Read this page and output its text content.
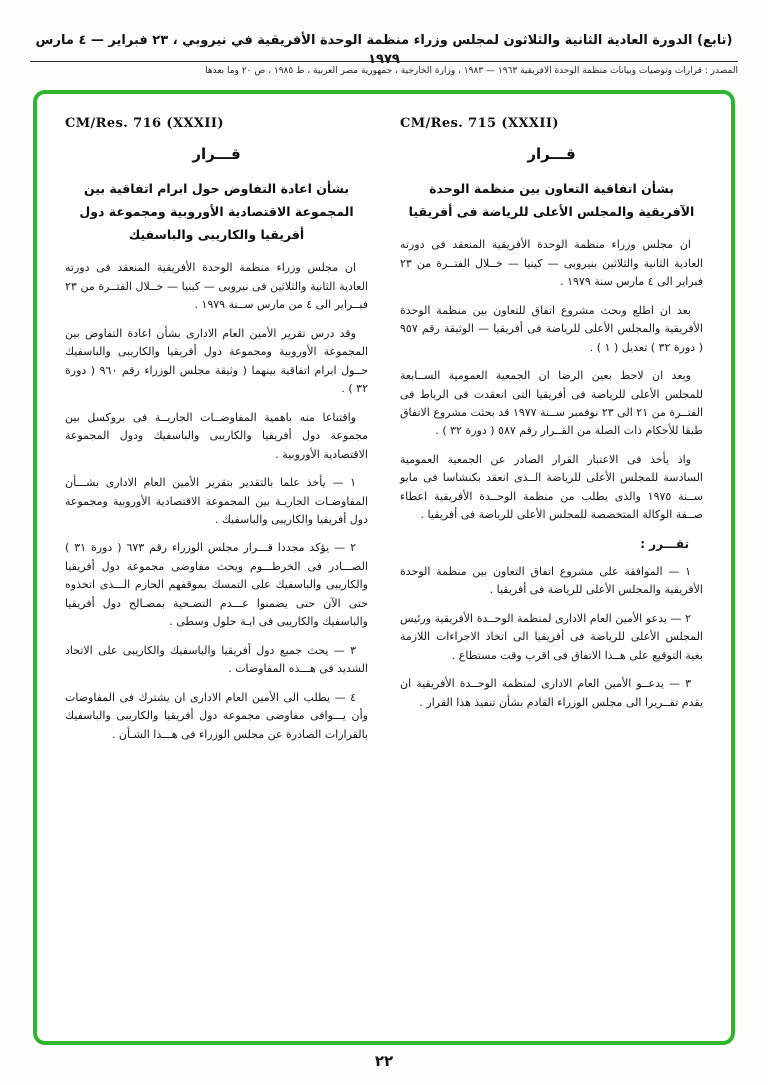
(تابع) الدورة العادية الثانية والثلاثون لمجلس وزراء منظمة الوحدة الأفريقية في نيروبي ، ٢٣ فبراير — ٤ مارس ١٩٧٩
المصدر : قرارات وتوصيات وبيانات منظمة الوحدة الأفريقية ١٩٦٣ — ١٩٨٣ ، وزارة الخارجية ، جمهورية مصر العربية ، ط ١٩٨٥ ، ص ٢٠ وما بعدها
CM/Res. 715 (XXXII)
قـــرار
بشأن اتفاقية التعاون بين منظمة الوحدة الآفريقية والمجلس الأعلى للرياضة فى أفريقيا

ان مجلس وزراء منظمة الوحدة الأفريقية المنعقد فى دورته العادية الثانية والثلاثين بنيروبى — كينيا — خــلال الفتــرة من ٢٣ فبراير الى ٤ مارس سنة ١٩٧٩ .

بعد ان اطلع وبحث مشروع اتفاق للتعاون بين منظمة الوحدة الأفريقية والمجلس الأعلى للرياضة فى أفريقيا — الوثيقة رقم ٩٥٧ ( دورة ٣٢ ) تعديل ( ١ ) .

وبعد ان لاحظ بعين الرضا ان الجمعية العمومية الســابعة للمجلس الأعلى للرياضة فى أفريقيا التى انعقدت فى الرباط فى الفتــرة من ٢١ الى ٢٣ نوفمبر ســنة ١٩٧٧ قد بحثت مشروع الاتفاق طبقا للأحكام ذات الصلة من القــرار رقم ٥٨٧ ( دورة ٣٢ ) .

واذ يأخذ فى الاعتبار القرار الصادر عن الجمعية العمومية السادسة للمجلس الأعلى للرياضة الــذى انعقد بكنشاسا فى مايو ســنة ١٩٧٥ والذى يطلب من منظمة الوحــدة الأفريقية اعطاء صــفة الوكالة المتخصصة للمجلس الأعلى للرياضة فى أفريقيا .

تقـــرر :

١ — الموافقة على مشروع اتفاق التعاون بين منظمة الوحدة الأفريقية والمجلس الأعلى للرياضة فى أفريقيا .

٢ — يدعو الأمين العام الادارى لمنظمة الوحــدة الأفريقية ورئيس المجلس الأعلى للرياضة فى أفريقيا الى اتخاذ الاجراءات اللازمة بغية التوقيع على هــذا الاتفاق فى اقرب وقت مستطاع .

٣ — يدعــو الأمين العام الادارى لمنظمة الوحــدة الأفريقية ان يقدم تقــريرا الى مجلس الوزراء القادم بشأن تنفيذ هذا القرار .

CM/Res. 716 (XXXII)
قـــرار
بشأن اعادة التفاوض حول ابرام اتفاقية بين المجموعة الاقتصادية الأوروبية ومجموعة دول أفريقيا والكاريبى والباسفيك

ان مجلس وزراء منظمة الوحدة الأفريقية المنعقد فى دورته العادية الثانية والثلاثين فى نيروبى — كينيا — خــلال الفتــرة من ٢٣ فبــراير الى ٤ من مارس ســنة ١٩٧٩ .

وقد درس تقرير الأمين العام الادارى بشأن اعادة التفاوض بين المجموعة الأوروبية ومجموعة دول أفريقيا والكاريبى والباسفيك حــول ابرام اتفاقية بينهما ( وثيقة مجلس الوزراء رقم ٩٦٠ ( دورة ٣٢ ) .

واقتناعا منه باهمية المفاوضــات الجاريــة فى بروكسل بين مجموعة دول أفريقيا والكاريبى والباسفيك ودول المجموعة الاقتصادية الأوروبية .

١ — يأخذ علما بالتقدير بتقرير الأمين العام الادارى بشـــأن المفاوضـات الجاريـة بين المجموعة الاقتصادية الأوروبية ومجموعة دول أفريقيا والكاريبى والباسفيك .

٢ — يؤكد مجددا قـــرار مجلس الوزراء رقم ٦٧٣ ( دورة ٣١ ) الصـــادر فى الخرطـــوم ويحث مفاوضى مجموعة دول أفريقيا والكاريبى والباسفيك على التمسك بموقفهم الحازم الـــذى اتخذوه حتى الآن حتى يضمنوا عـــدم التضـحية بمصـالح دول أفريقيا والباسفيك والكاريبى فى ايـة حلول وسطى .

٣ — يحث جميع دول أفريقيا والباسفيك والكاريبى على الاتحاد الشديد فى هـــذه المفاوضات .

٤ — يطلب الى الأمين العام الادارى ان يشترك فى المفاوضات وأن يـــوافى مفاوضى مجموعة دول أفريقيا والكاريبى والباسفيك بالقرارات الصادرة عن مجلس الوزراء فى هـــذا الشـأن .

٢٢
